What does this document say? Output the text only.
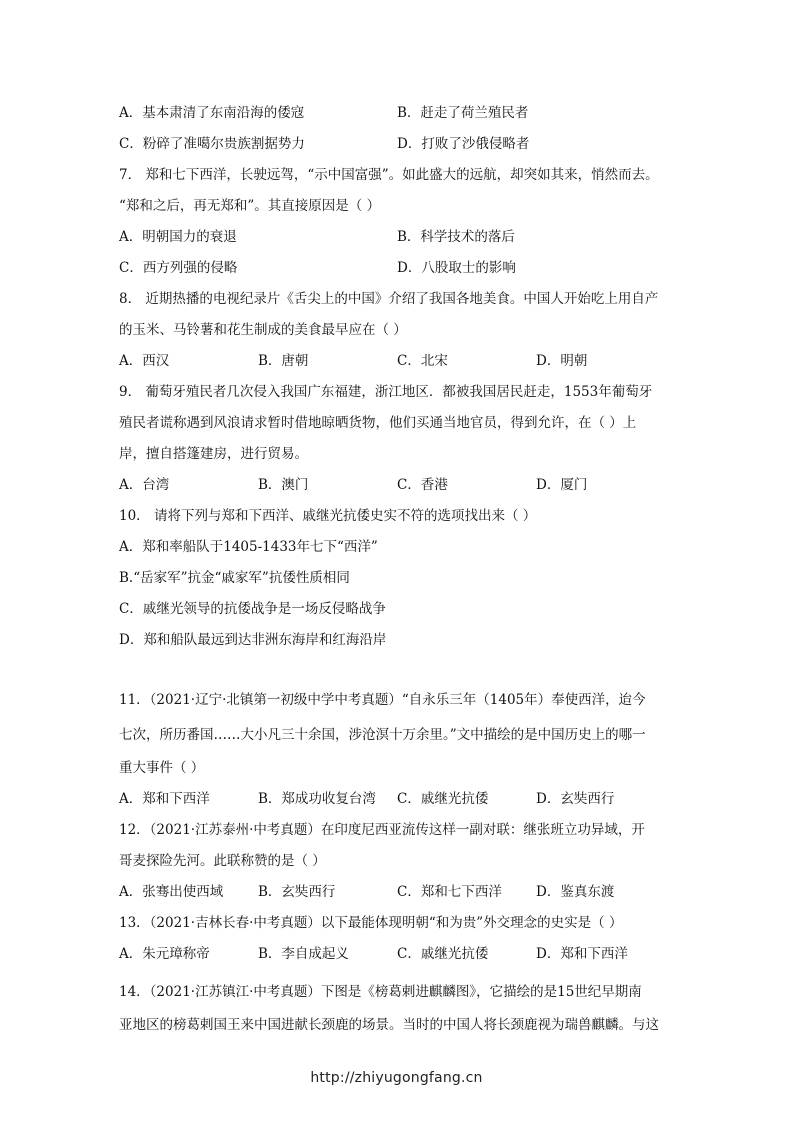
A．基本肃清了东南沿海的倭寇	B．赶走了荷兰殖民者
C．粉碎了准噶尔贵族割据势力	D．打败了沙俄侵略者
7． 郑和七下西洋，长驶远驾，“示中国富强”。如此盛大的远航，却突如其来，悄然而去。
“郑和之后，再无郑和”。其直接原因是（ ）
A．明朝国力的衰退	B．科学技术的落后
C．西方列强的侵略	D．八股取士的影响
8． 近期热播的电视纪录片《舌尖上的中国》介绍了我国各地美食。中国人开始吃上用自产
的玉米、马铃薯和花生制成的美食最早应在（ ）
A．西汉	B．唐朝	C．北宋	D．明朝
9． 葡萄牙殖民者几次侵入我国广东福建，浙江地区．都被我国居民赶走，1553年葡萄牙
殖民者谎称遇到风浪请求暂时借地晾晒货物，他们买通当地官员，得到允许，在（ ）上
岸，擅自搭篷建房，进行贸易。
A．台湾	B．澳门	C．香港	D．厦门
10． 请将下列与郑和下西洋、戚继光抗倭史实不符的选项找出来（ ）
A．郑和率船队于1405-1433年七下“西洋”
B.“岳家军”抗金“戚家军”抗倭性质相同
C．戚继光领导的抗倭战争是一场反侵略战争
D．郑和船队最远到达非洲东海岸和红海沿岸
11．（2021·辽宁·北镇第一初级中学中考真题）“自永乐三年（1405年）奉使西洋，迨今
七次，所历番国……大小凡三十余国，涉沧溟十万余里。”文中描绘的是中国历史上的哪一
重大事件（ ）
A．郑和下西洋	B．郑成功收复台湾 C．戚继光抗倭	D．玄奘西行
12．（2021·江苏泰州·中考真题）在印度尼西亚流传这样一副对联：继张班立功异域，开
哥麦探险先河。此联称赞的是（ ）
A．张骞出使西域	B．玄奘西行	C．郑和七下西洋	D．鉴真东渡
13．（2021·吉林长春·中考真题）以下最能体现明朝“和为贵”外交理念的史实是（ ）
A．朱元璋称帝	B．李自成起义	C．戚继光抗倭	D．郑和下西洋
14．（2021·江苏镇江·中考真题）下图是《榜葛剌进麒麟图》，它描绘的是15世纪早期南
亚地区的榜葛剌国王来中国进献长颈鹿的场景。当时的中国人将长颈鹿视为瑞兽麒麟。与这
http://zhiyugongfang.cn
